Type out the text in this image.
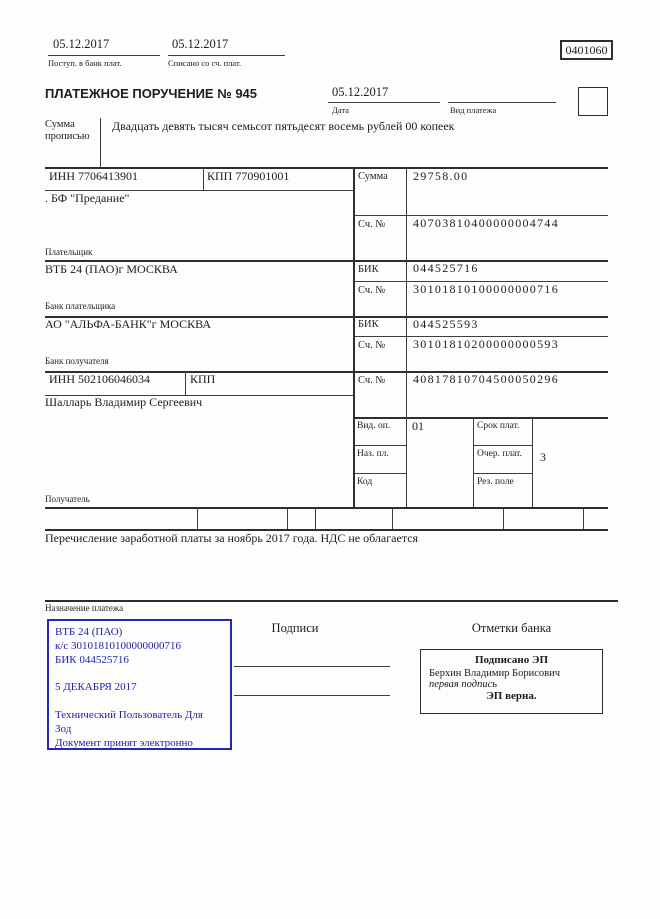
05.12.2017
Поступ. в банк плат.
05.12.2017
Списано со сч. плат.
0401060
ПЛАТЕЖНОЕ ПОРУЧЕНИЕ № 945	05.12.2017
Дата	Вид платежа
Сумма прописью
Двадцать девять тысяч семьсот пятьдесят восемь рублей 00 копеек
ИНН 7706413901	КПП 770901001	Сумма 29758.00
. БФ "Предание"
Сч. № 40703810400000004744
Плательщик
ВТБ 24 (ПАО)г МОСКВА	БИК	044525716
Сч. № 30101810100000000716
Банк плательщика
АО "АЛЬФА-БАНК"г МОСКВА	БИК	044525593
Сч. № 30101810200000000593
Банк получателя
ИНН 502106046034	КПП	Сч. № 40817810704500050296
Шалларь Владимир Сергеевич
Вид. оп. 01	Срок плат.
Наз. пл.	Очер. плат. 3
Код	Рез. поле
Получатель
Перечисление заработной платы за ноябрь 2017 года. НДС не облагается
Назначение платежа
ВТБ 24 (ПАО)
к/с 30101810100000000716
БИК 044525716
5 ДЕКАБРЯ 2017
Технический Пользователь Для
Зод
Документ принят электронно
Подписи	Отметки банка
Подписано ЭП
Берхин Владимир Борисович
первая подпись
ЭП верна.
